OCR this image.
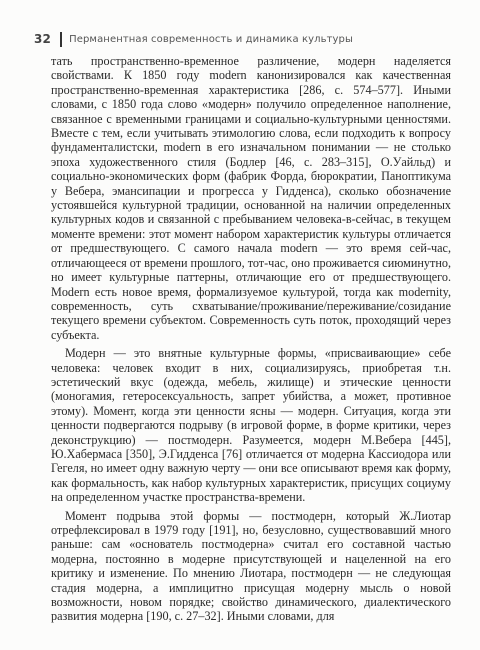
32 Перманентная современность и динамика культуры

тать пространственно-временное различение, модерн наделяется свойствами. К 1850 году modern канонизировался как качественная пространственно-временная характеристика [286, с. 574–577]. Иными словами, с 1850 года слово «модерн» получило определенное наполнение, связанное с временными границами и социально-культурными ценностями. Вместе с тем, если учитывать этимологию слова, если подходить к вопросу фундаменталистски, modern в его изначальном понимании — не столько эпоха художественного стиля (Бодлер [46, с. 283–315], О.Уайльд) и социально-экономических форм (фабрик Форда, бюрократии, Паноптикума у Вебера, эмансипации и прогресса у Гидденса), сколько обозначение устоявшейся культурной традиции, основанной на наличии определенных культурных кодов и связанной с пребыванием человека-в-сейчас, в текущем моменте времени: этот момент набором характеристик культуры отличается от предшествующего. С самого начала modern — это время сей-час, отличающееся от времени прошлого, тот-час, оно проживается сиюминутно, но имеет культурные паттерны, отличающие его от предшествующего. Modern есть новое время, формализуемое культурой, тогда как modernity, современность, суть схватывание/проживание/переживание/созидание текущего времени субъектом. Современность суть поток, проходящий через субъекта.

Модерн — это внятные культурные формы, «присваивающие» себе человека: человек входит в них, социализируясь, приобретая т.н. эстетический вкус (одежда, мебель, жилище) и этические ценности (моногамия, гетеросексуальность, запрет убийства, а может, противное этому). Момент, когда эти ценности ясны — модерн. Ситуация, когда эти ценности подвергаются подрыву (в игровой форме, в форме критики, через деконструкцию) — постмодерн. Разумеется, модерн М.Вебера [445], Ю.Хабермаса [350], Э.Гидденса [76] отличается от модерна Кассиодора или Гегеля, но имеет одну важную черту — они все описывают время как форму, как формальность, как набор культурных характеристик, присущих социуму на определенном участке пространства-времени.

Момент подрыва этой формы — постмодерн, который Ж.Лиотар отрефлексировал в 1979 году [191], но, безусловно, существовавший много раньше: сам «основатель постмодерна» считал его составной частью модерна, постоянно в модерне присутствующей и нацеленной на его критику и изменение. По мнению Лиотара, постмодерн — не следующая стадия модерна, а имплицитно присущая модерну мысль о новой возможности, новом порядке; свойство динамического, диалектического развития модерна [190, с. 27–32]. Иными словами, для
